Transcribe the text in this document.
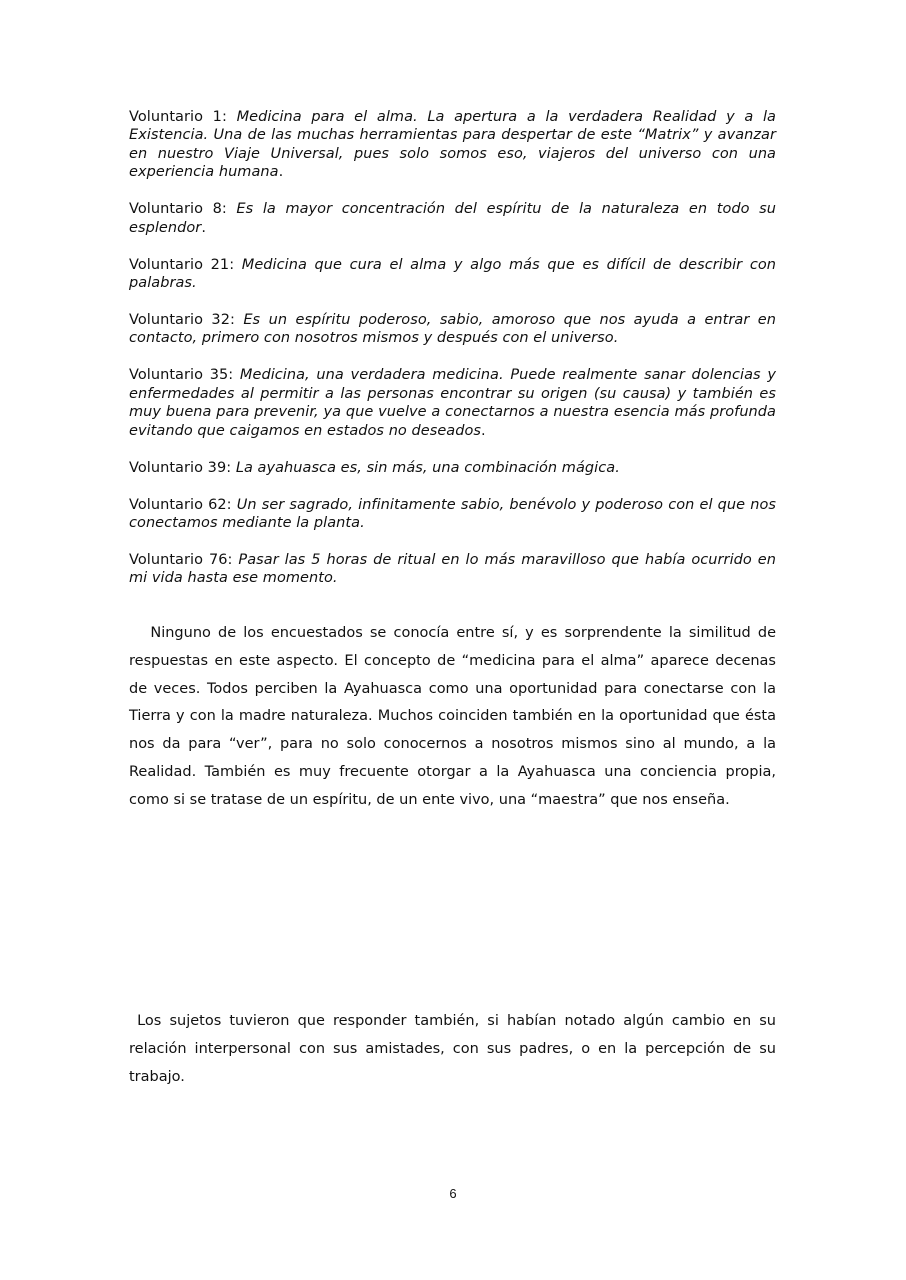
Voluntario 1: Medicina para el alma. La apertura a la verdadera Realidad y a la Existencia. Una de las muchas herramientas para despertar de este “Matrix” y avanzar en nuestro Viaje Universal, pues solo somos eso, viajeros del universo con una experiencia humana.

Voluntario 8: Es la mayor concentración del espíritu de la naturaleza en todo su esplendor.

Voluntario 21: Medicina que cura el alma y algo más que es difícil de describir con palabras.

Voluntario 32: Es un espíritu poderoso, sabio, amoroso que nos ayuda a entrar en contacto, primero con nosotros mismos y después con el universo.

Voluntario 35: Medicina, una verdadera medicina. Puede realmente sanar dolencias y enfermedades al permitir a las personas encontrar su origen (su causa) y también es muy buena para prevenir, ya que vuelve a conectarnos a nuestra esencia más profunda evitando que caigamos en estados no deseados.

Voluntario 39: La ayahuasca es, sin más, una combinación mágica.

Voluntario 62: Un ser sagrado, infinitamente sabio, benévolo y poderoso con el que nos conectamos mediante la planta.

Voluntario 76: Pasar las 5 horas de ritual en lo más maravilloso que había ocurrido en mi vida hasta ese momento.

Ninguno de los encuestados se conocía entre sí, y es sorprendente la similitud de respuestas en este aspecto. El concepto de “medicina para el alma” aparece decenas de veces. Todos perciben la Ayahuasca como una oportunidad para conectarse con la Tierra y con la madre naturaleza. Muchos coinciden también en la oportunidad que ésta nos da para “ver”, para no solo conocernos a nosotros mismos sino al mundo, a la Realidad. También es muy frecuente otorgar a la Ayahuasca una conciencia propia, como si se tratase de un espíritu, de un ente vivo, una “maestra” que nos enseña.

Los sujetos tuvieron que responder también, si habían notado algún cambio en su relación interpersonal con sus amistades, con sus padres, o en la percepción de su trabajo.

6
